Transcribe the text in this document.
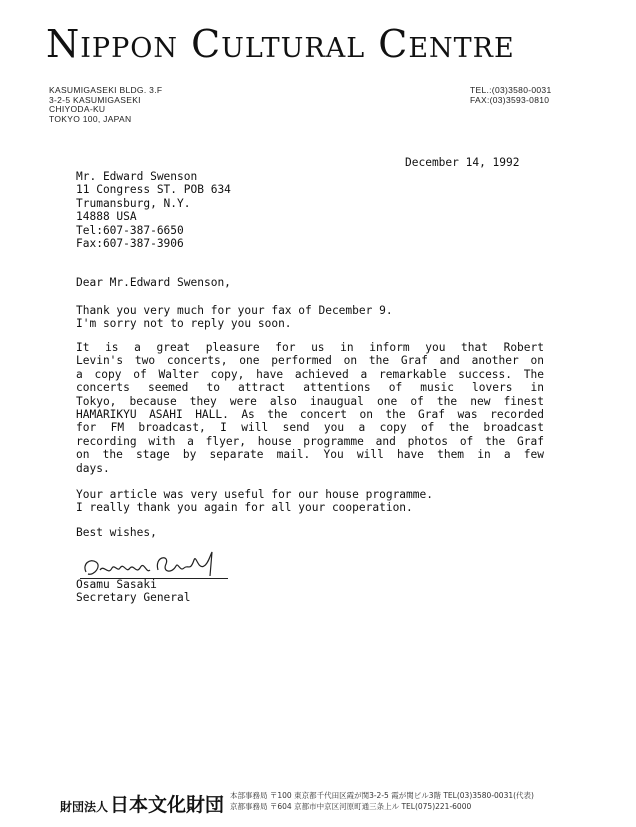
Nippon Cultural Centre
KASUMIGASEKI BLDG. 3.F
3-2-5 KASUMIGASEKI
CHIYODA-KU
TOKYO 100, JAPAN
TEL.:(03)3580-0031
FAX:(03)3593-0810
December 14, 1992
Mr. Edward Swenson
11 Congress ST. POB 634
Trumansburg, N.Y.
14888 USA
Tel:607-387-6650
Fax:607-387-3906
Dear Mr.Edward Swenson,
Thank you very much for your fax of December 9.
I'm sorry not to reply you soon.
It is a great pleasure for us in inform you that Robert
Levin's two concerts, one performed on the Graf and another on
a copy of Walter copy, have achieved a remarkable success. The
concerts seemed to attract attentions of music lovers in
Tokyo, because they were also inaugual one of the new finest
HAMARIKYU ASAHI HALL. As the concert on the Graf was recorded
for FM broadcast, I will send you a copy of the broadcast
recording with a flyer, house programme and photos of the Graf
on the stage by separate mail. You will have them in a few
days.
Your article was very useful for our house programme.
I really thank you again for all your cooperation.
Best wishes,
Osamu Sasaki
Secretary General
財団法人 日本文化財団 本部事務局 〒100 東京都千代田区霞が関3-2-5 霞が関ビル3階 TEL(03)3580-0031(代表)
京都事務局 〒604 京都市中京区河原町通三条上ル TEL(075)221-6000
